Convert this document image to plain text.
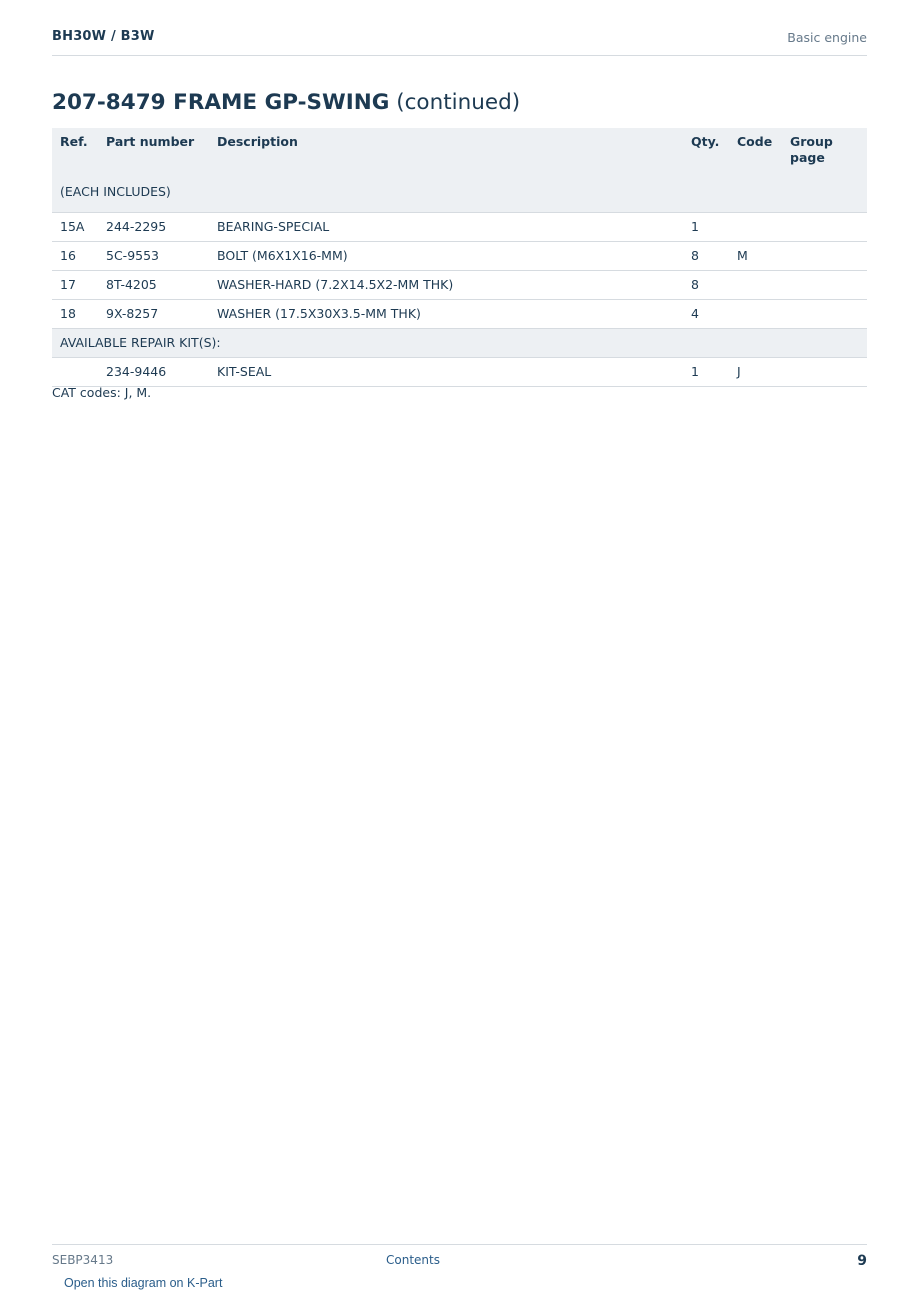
BH30W / B3W	Basic engine
207-8479 FRAME GP-SWING (continued)
Ref.	Part number	Description	Qty.	Code	Group page
(EACH INCLUDES)					
15A	244-2295	BEARING-SPECIAL	1		
16	5C-9553	BOLT (M6X1X16-MM)	8	M	
17	8T-4205	WASHER-HARD (7.2X14.5X2-MM THK)	8		
18	9X-8257	WASHER (17.5X30X3.5-MM THK)	4		
AVAILABLE REPAIR KIT(S):					
	234-9446	KIT-SEAL	1	J	
CAT codes: J, M.
SEBP3413	Contents	9
Open this diagram on K-Part
